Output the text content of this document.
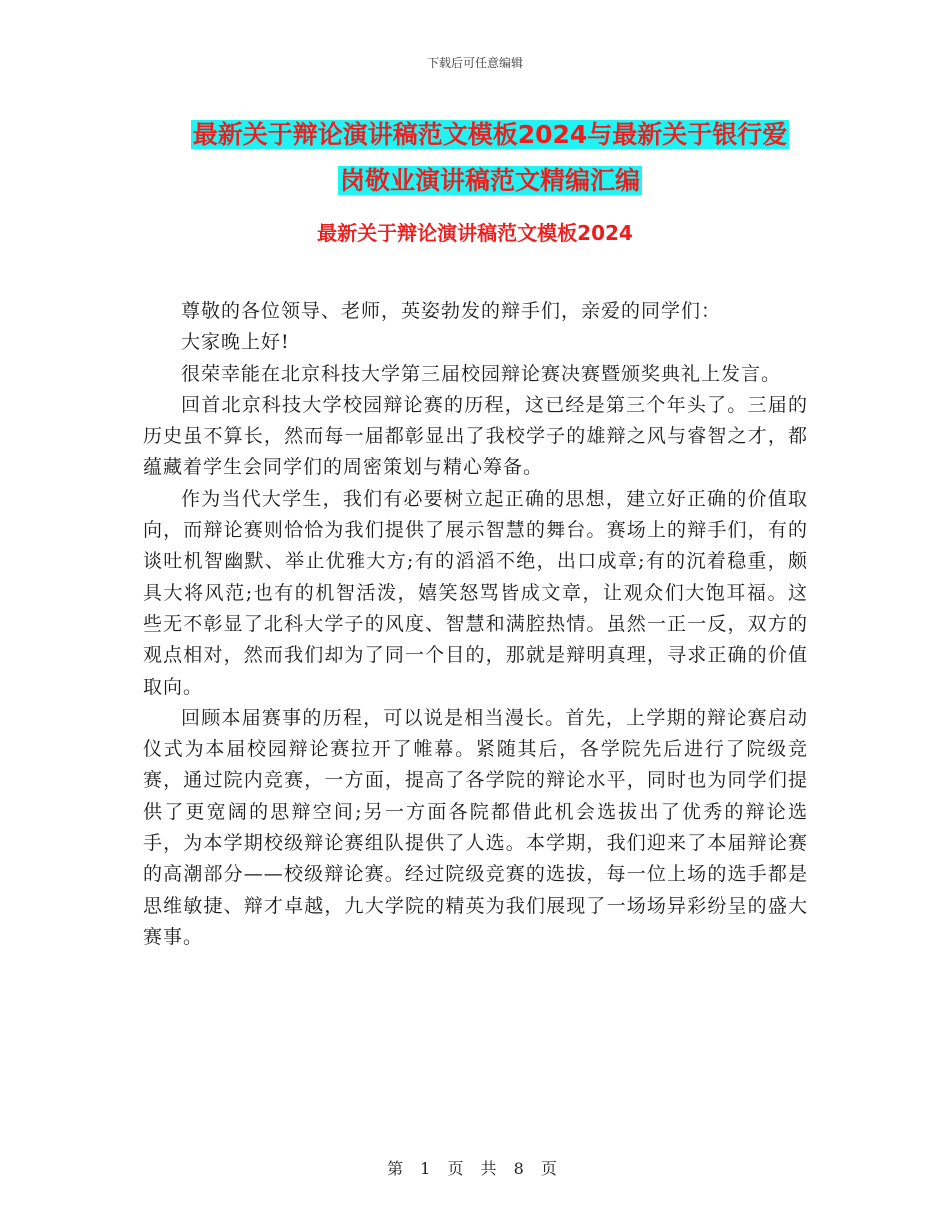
下载后可任意编辑
最新关于辩论演讲稿范文模板2024与最新关于银行爱
岗敬业演讲稿范文精编汇编
最新关于辩论演讲稿范文模板2024

尊敬的各位领导、老师，英姿勃发的辩手们，亲爱的同学们：

大家晚上好!

很荣幸能在北京科技大学第三届校园辩论赛决赛暨颁奖典礼上发言。

回首北京科技大学校园辩论赛的历程，这已经是第三个年头了。三届的历史虽不算长，然而每一届都彰显出了我校学子的雄辩之风与睿智之才，都蕴藏着学生会同学们的周密策划与精心筹备。

作为当代大学生，我们有必要树立起正确的思想，建立好正确的价值取向，而辩论赛则恰恰为我们提供了展示智慧的舞台。赛场上的辩手们，有的谈吐机智幽默、举止优雅大方;有的滔滔不绝，出口成章;有的沉着稳重，颇具大将风范;也有的机智活泼，嬉笑怒骂皆成文章，让观众们大饱耳福。这些无不彰显了北科大学子的风度、智慧和满腔热情。虽然一正一反，双方的观点相对，然而我们却为了同一个目的，那就是辩明真理，寻求正确的价值取向。

回顾本届赛事的历程，可以说是相当漫长。首先，上学期的辩论赛启动仪式为本届校园辩论赛拉开了帷幕。紧随其后，各学院先后进行了院级竞赛，通过院内竞赛，一方面，提高了各学院的辩论水平，同时也为同学们提供了更宽阔的思辩空间;另一方面各院都借此机会选拔出了优秀的辩论选手，为本学期校级辩论赛组队提供了人选。本学期，我们迎来了本届辩论赛的高潮部分——校级辩论赛。经过院级竞赛的选拔，每一位上场的选手都是思维敏捷、辩才卓越，九大学院的精英为我们展现了一场场异彩纷呈的盛大赛事。

第 1 页 共 8 页
